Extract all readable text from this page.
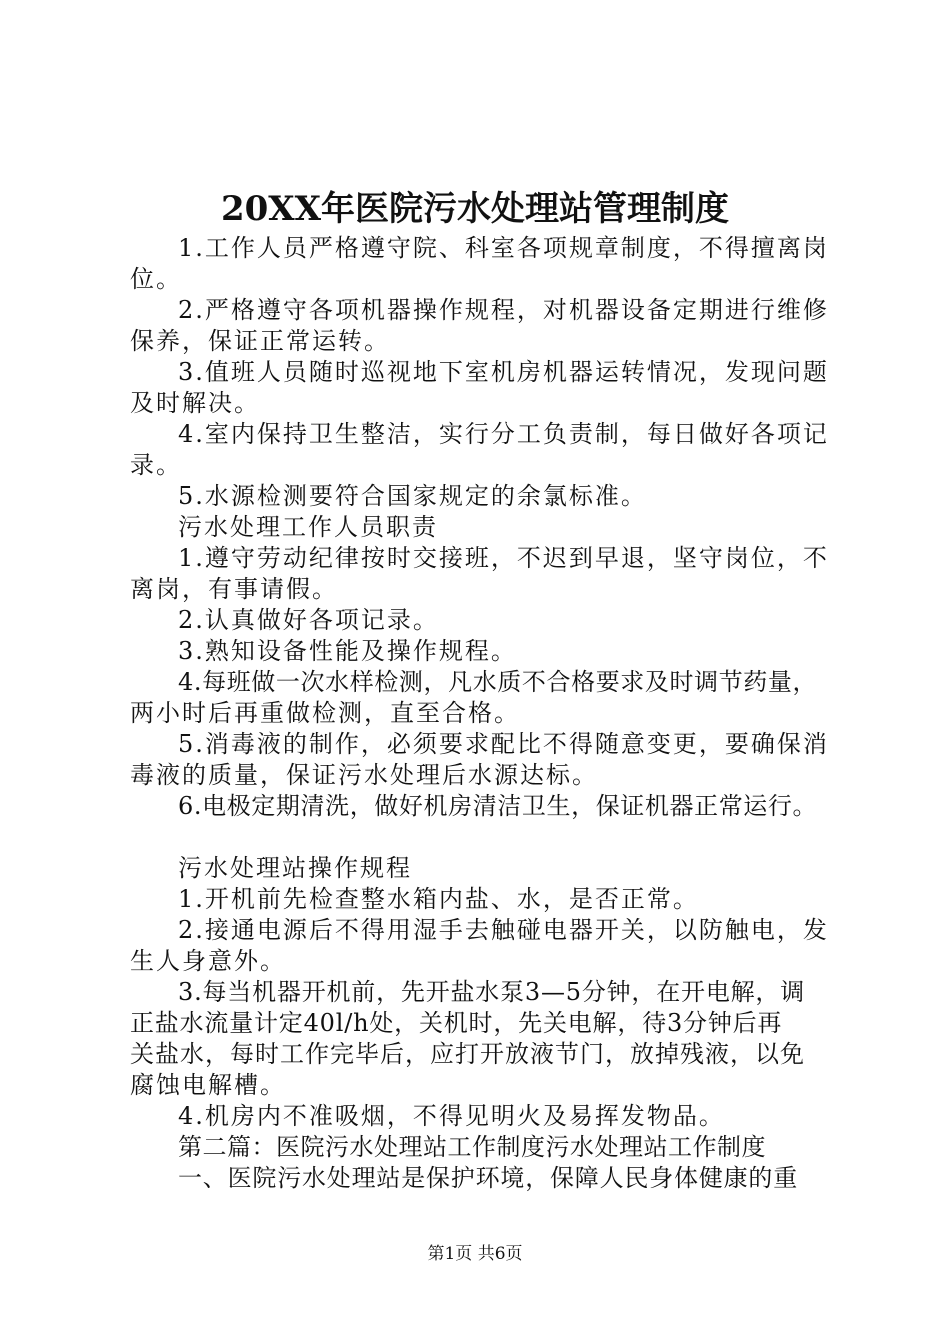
20XX年医院污水处理站管理制度
1.工作人员严格遵守院、科室各项规章制度，不得擅离岗
位。
2.严格遵守各项机器操作规程，对机器设备定期进行维修
保养，保证正常运转。
3.值班人员随时巡视地下室机房机器运转情况，发现问题
及时解决。
4.室内保持卫生整洁，实行分工负责制，每日做好各项记
录。
5.水源检测要符合国家规定的余氯标准。
污水处理工作人员职责
1.遵守劳动纪律按时交接班，不迟到早退，坚守岗位，不
离岗，有事请假。
2.认真做好各项记录。
3.熟知设备性能及操作规程。
4.每班做一次水样检测，凡水质不合格要求及时调节药量，
两小时后再重做检测，直至合格。
5.消毒液的制作，必须要求配比不得随意变更，要确保消
毒液的质量，保证污水处理后水源达标。
6.电极定期清洗，做好机房清洁卫生，保证机器正常运行。
污水处理站操作规程
1.开机前先检查整水箱内盐、水，是否正常。
2.接通电源后不得用湿手去触碰电器开关，以防触电，发
生人身意外。
3.每当机器开机前，先开盐水泵3—5分钟，在开电解，调
正盐水流量计定40l/h处，关机时，先关电解，待3分钟后再
关盐水，每时工作完毕后，应打开放液节门，放掉残液，以免
腐蚀电解槽。
4.机房内不准吸烟，不得见明火及易挥发物品。
第二篇：医院污水处理站工作制度污水处理站工作制度
一、医院污水处理站是保护环境，保障人民身体健康的重
第1页 共6页
